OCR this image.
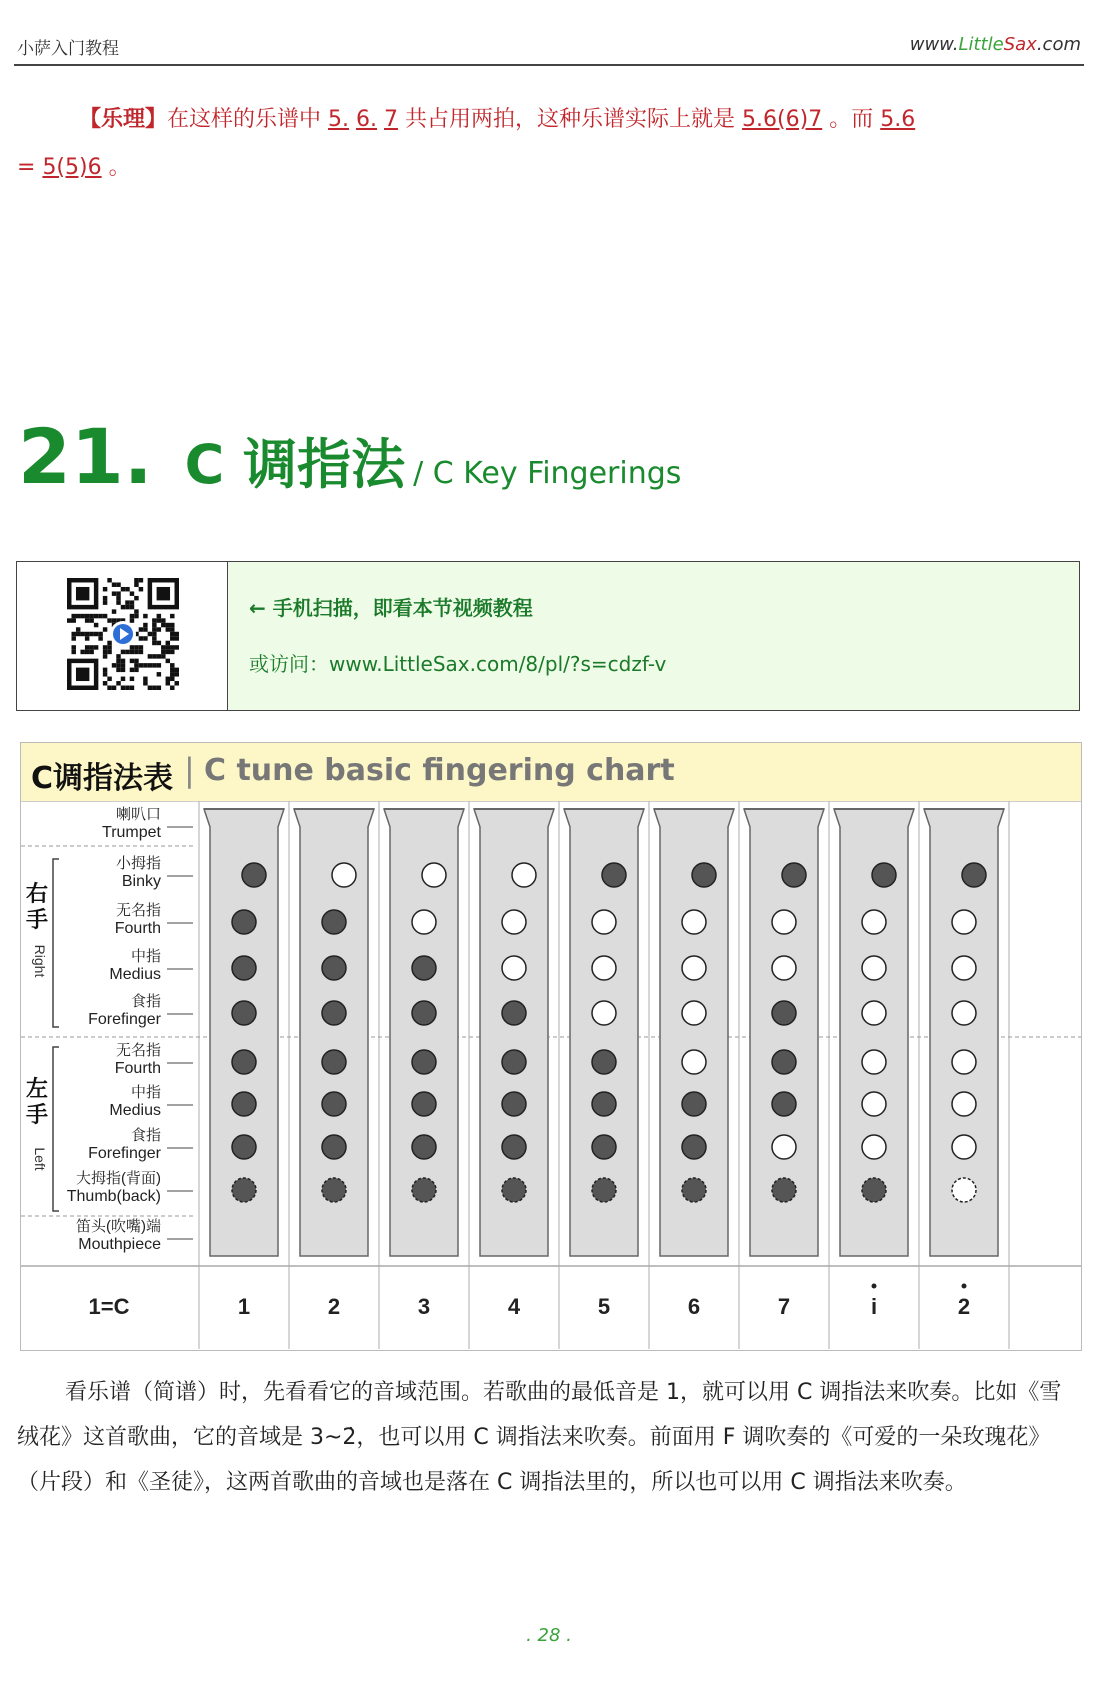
小萨入门教程	www.LittleSax.com
【乐理】在这样的乐谱中 5. 6. 7 共占用两拍，这种乐谱实际上就是 5.6(6)7 。而 5.6
= 5(5)6 。
21. C 调指法 / C Key Fingerings
← 手机扫描，即看本节视频教程
或访问：www.LittleSax.com/8/pl/?s=cdzf-v
C调指法表 | C tune basic fingering chart
右
手
左
手
Right
Left
喇叭口
Trumpet
小拇指
Binky
无名指
Fourth
中指
Medius
食指
Forefinger
无名指
Fourth
中指
Medius
食指
Forefinger
大拇指(背面)
Thumb(back)
笛头(吹嘴)端
Mouthpiece
1=C	1	2	3	4	5	6	7	i	2
看乐谱（简谱）时，先看看它的音域范围。若歌曲的最低音是 1，就可以用 C 调指法来吹奏。比如《雪绒花》这首歌曲，它的音域是 3~2̇，也可以用 C 调指法来吹奏。前面用 F 调吹奏的《可爱的一朵玫瑰花》（片段）和《圣徒》，这两首歌曲的音域也是落在 C 调指法里的，所以也可以用 C 调指法来吹奏。
. 28 .
